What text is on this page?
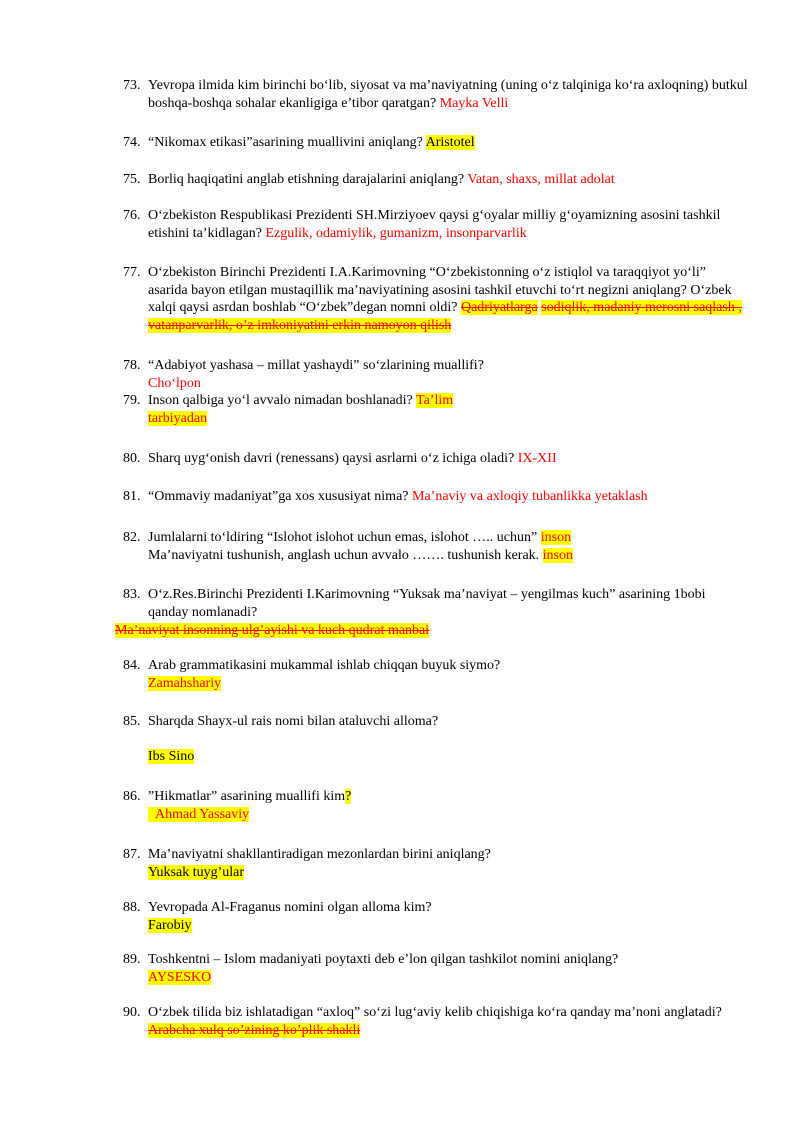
73. Yevropa ilmida kim birinchi bo‘lib, siyosat va ma’naviyatning (uning o‘z talqiniga ko‘ra axloqning) butkul boshqa-boshqa sohalar ekanligiga e’tibor qaratgan? Mayka Velli
74. “Nikomax etikasi”asarining muallivini aniqlang? Aristotel
75. Borliq haqiqatini anglab etishning darajalarini aniqlang? Vatan, shaxs, millat adolat
76. O‘zbekiston Respublikasi Prezidenti SH.Mirziyoev qaysi g‘oyalar milliy g‘oyamizning asosini tashkil etishini ta’kidlagan? Ezgulik, odamiylik, gumanizm, insonparvarlik
77. O‘zbekiston Birinchi Prezidenti I.A.Karimovning “O‘zbekistonning o‘z istiqlol va taraqqiyot yo‘li” asarida bayon etilgan mustaqillik ma’naviyatining asosini tashkil etuvchi to‘rt negizni aniqlang? O‘zbek xalqi qaysi asrdan boshlab “O‘zbek”degan nomni oldi? Qadriyatlarga sodiqlik, madaniy merosni saqlash , vatanparvarlik, o’z imkoniyatini erkin namoyon qilish
78. “Adabiyot yashasa – millat yashaydi” so‘zlarining muallifi?
Cho‘lpon
79. Inson qalbiga yo‘l avvalo nimadan boshlanadi? Ta’lim
tarbiyadan
80. Sharq uyg‘onish davri (renessans) qaysi asrlarni o‘z ichiga oladi? IX-XII
81. “Ommaviy madaniyat”ga xos xususiyat nima? Ma’naviy va axloqiy tubanlikka yetaklash
82. Jumlalarni to‘ldiring “Islohot islohot uchun emas, islohot ….. uchun” inson
Ma’naviyatni tushunish, anglash uchun avvalo ……. tushunish kerak. inson
83. O‘z.Res.Birinchi Prezidenti I.Karimovning “Yuksak ma’naviyat – yengilmas kuch” asarining 1bobi qanday nomlanadi?
Ma’naviyat insonning ulg’ayishi va kuch qudrat manbai
84. Arab grammatikasini mukammal ishlab chiqqan buyuk siymo?
Zamahshariy
85. Sharqda Shayx-ul rais nomi bilan ataluvchi alloma?

Ibs Sino
86. ”Hikmatlar” asarining muallifi kim?
Ahmad Yassaviy
87. Ma’naviyatni shakllantiradigan mezonlardan birini aniqlang?
Yuksak tuyg’ular
88. Yevropada Al-Fraganus nomini olgan alloma kim?
Farobiy
89. Toshkentni – Islom madaniyati poytaxti deb e’lon qilgan tashkilot nomini aniqlang?
AYSESKO
90. O‘zbek tilida biz ishlatadigan “axloq” so‘zi lug‘aviy kelib chiqishiga ko‘ra qanday ma’noni anglatadi?   Arabcha xulq so’zining ko’plik shakli
